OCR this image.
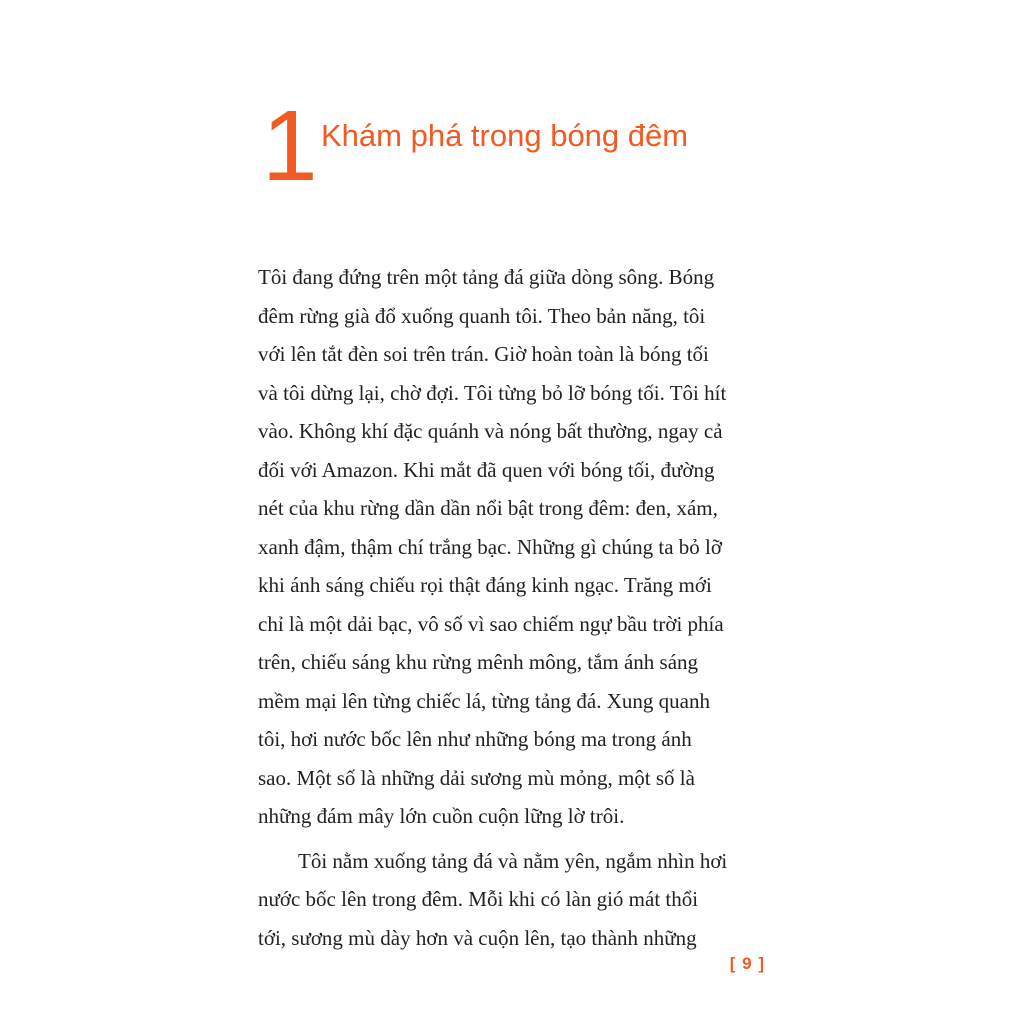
1 Khám phá trong bóng đêm
Tôi đang đứng trên một tảng đá giữa dòng sông. Bóng
đêm rừng già đổ xuống quanh tôi. Theo bản năng, tôi
với lên tắt đèn soi trên trán. Giờ hoàn toàn là bóng tối
và tôi dừng lại, chờ đợi. Tôi từng bỏ lỡ bóng tối. Tôi hít
vào. Không khí đặc quánh và nóng bất thường, ngay cả
đối với Amazon. Khi mắt đã quen với bóng tối, đường
nét của khu rừng dần dần nổi bật trong đêm: đen, xám,
xanh đậm, thậm chí trắng bạc. Những gì chúng ta bỏ lỡ
khi ánh sáng chiếu rọi thật đáng kinh ngạc. Trăng mới
chỉ là một dải bạc, vô số vì sao chiếm ngự bầu trời phía
trên, chiếu sáng khu rừng mênh mông, tắm ánh sáng
mềm mại lên từng chiếc lá, từng tảng đá. Xung quanh
tôi, hơi nước bốc lên như những bóng ma trong ánh
sao. Một số là những dải sương mù mỏng, một số là
những đám mây lớn cuồn cuộn lững lờ trôi.
Tôi nằm xuống tảng đá và nằm yên, ngắm nhìn hơi
nước bốc lên trong đêm. Mỗi khi có làn gió mát thổi
tới, sương mù dày hơn và cuộn lên, tạo thành những
[ 9 ]
